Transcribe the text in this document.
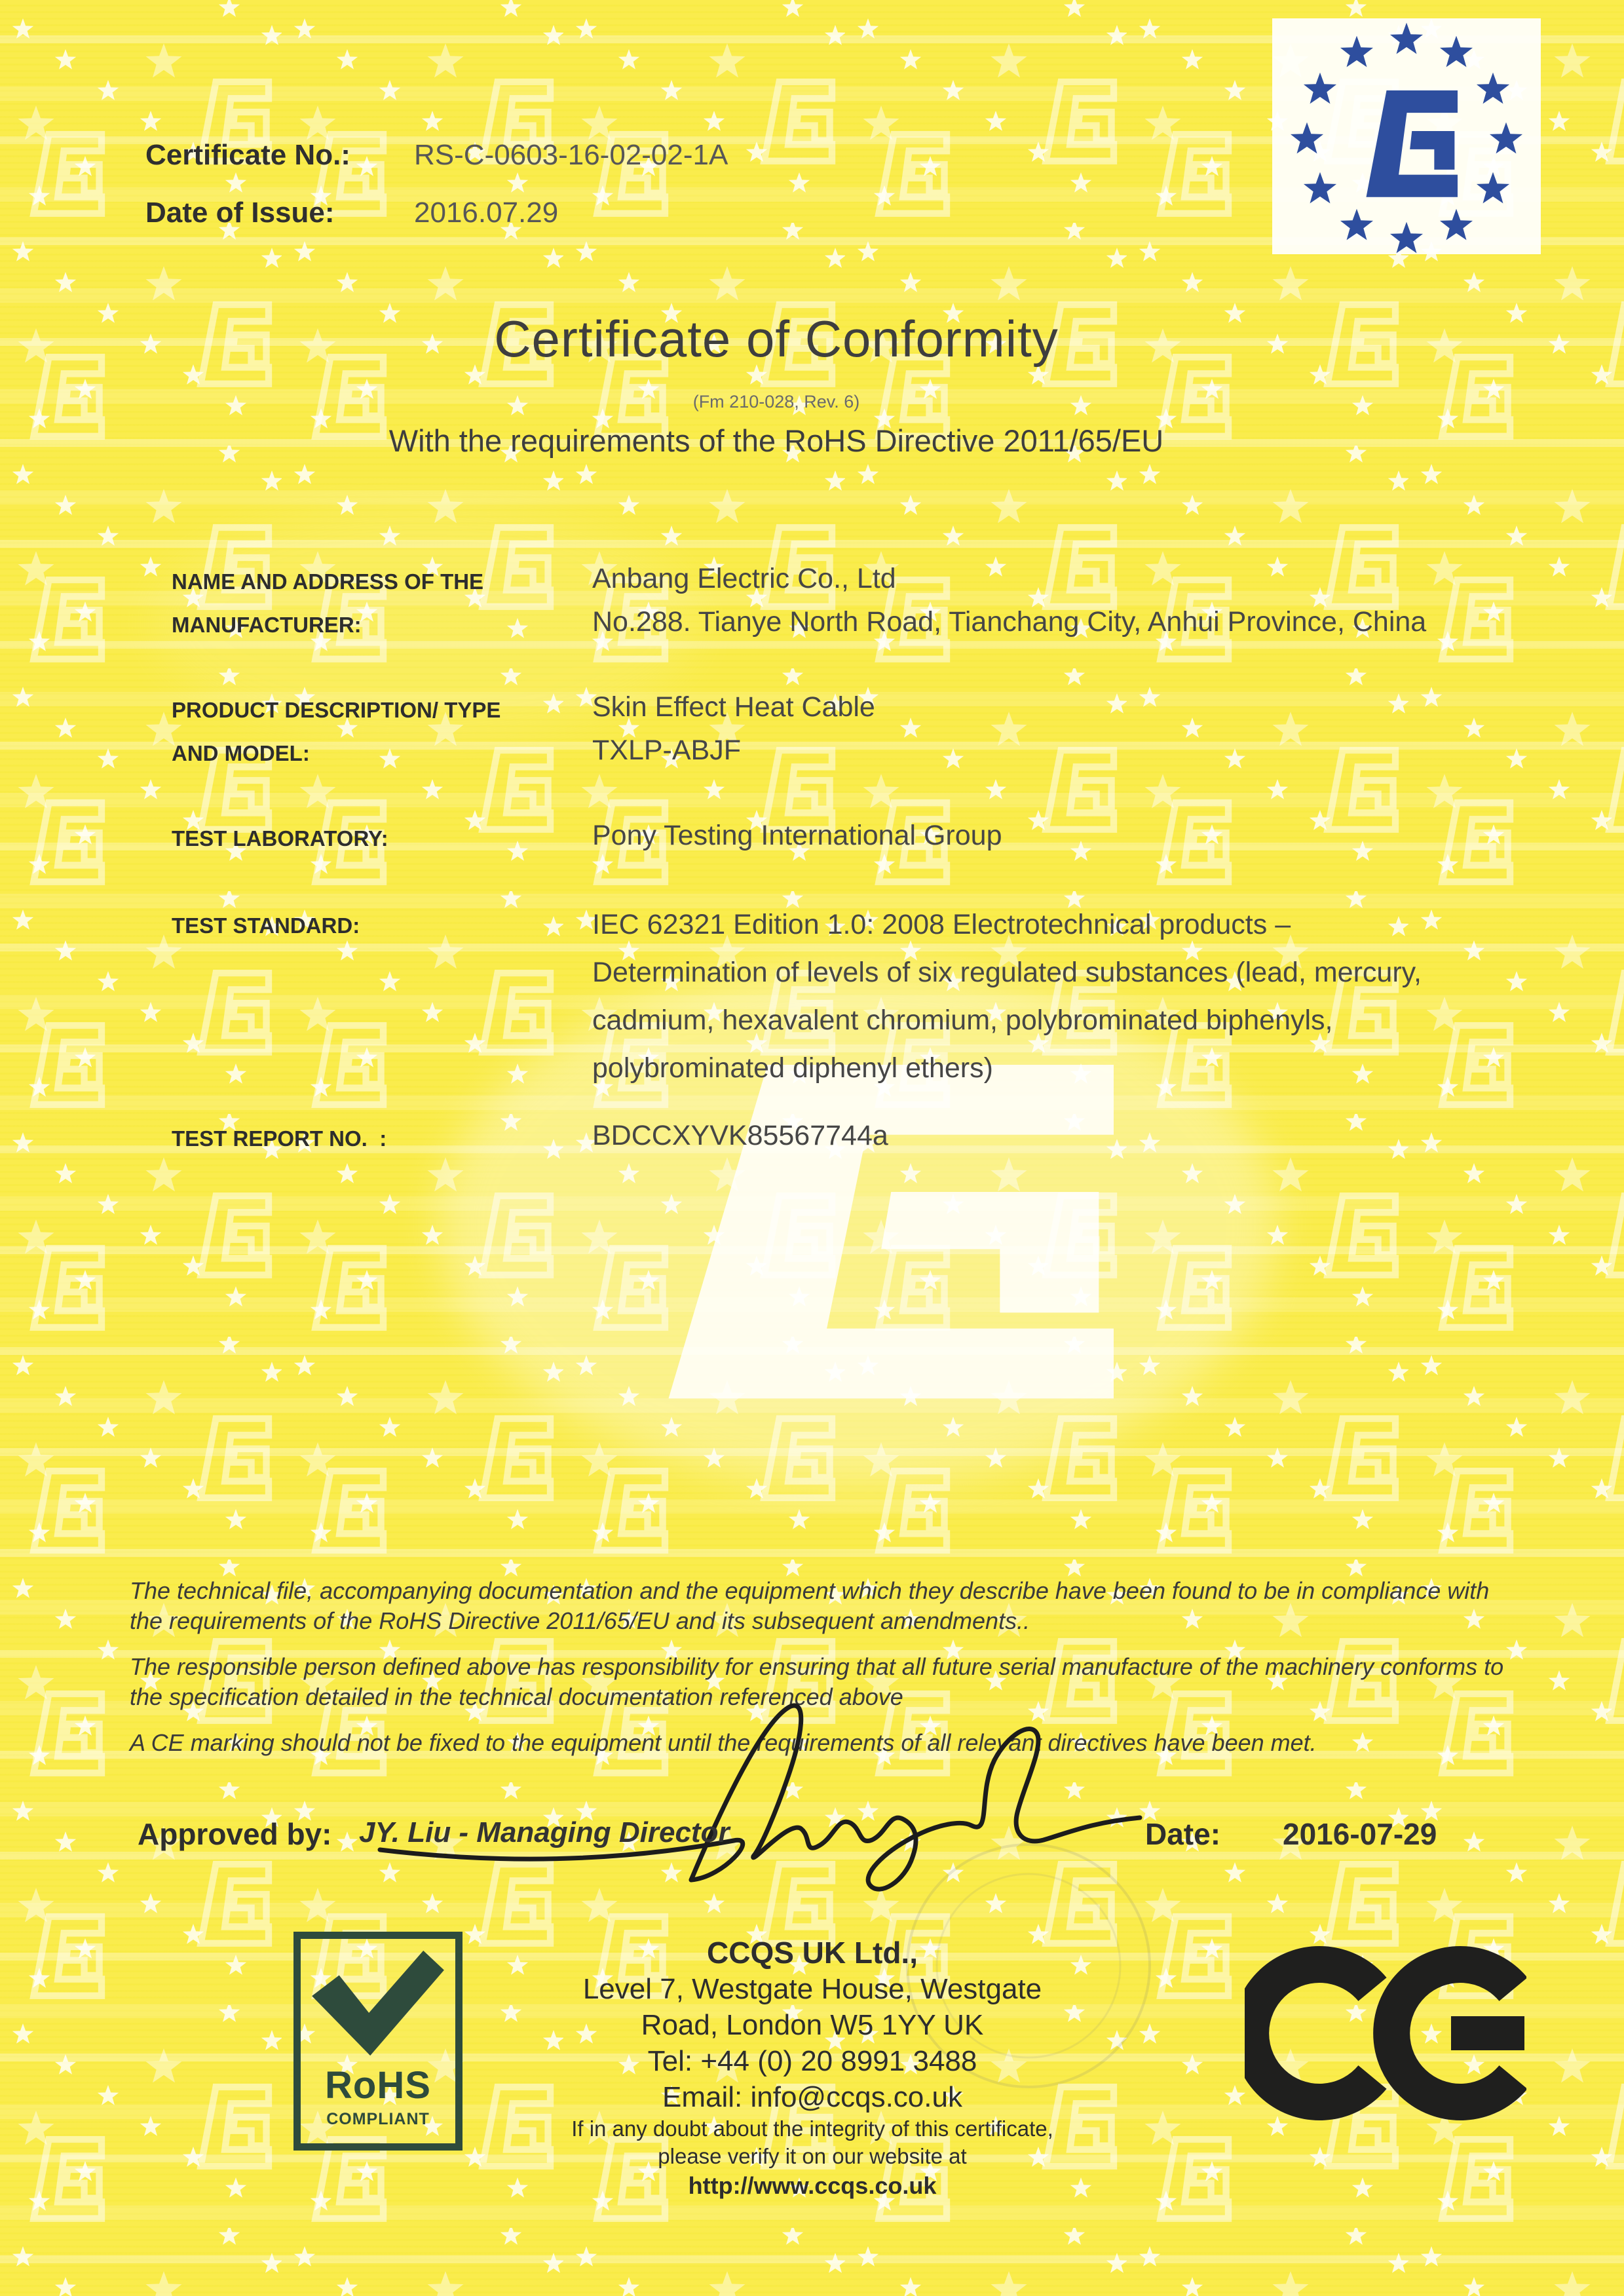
Certificate No.: RS-C-0603-16-02-02-1A
Date of Issue:	2016.07.29
Certificate of Conformity
(Fm 210-028, Rev. 6)
With the requirements of the RoHS Directive 2011/65/EU
NAME AND ADDRESS OF THE
MANUFACTURER:
Anbang Electric Co., Ltd
No.288. Tianye North Road, Tianchang City, Anhui Province, China
PRODUCT DESCRIPTION/ TYPE
AND MODEL:
Skin Effect Heat Cable
TXLP-ABJF
TEST LABORATORY:	Pony Testing International Group
TEST STANDARD:	IEC 62321 Edition 1.0: 2008 Electrotechnical products –
Determination of levels of six regulated substances (lead, mercury,
cadmium, hexavalent chromium, polybrominated biphenyls,
polybrominated diphenyl ethers)
TEST REPORT NO.  :	BDCCXYVK85567744a

The technical file, accompanying documentation and the equipment which they describe have been found to be in compliance with the requirements of the RoHS Directive 2011/65/EU and its subsequent amendments..

The responsible person defined above has responsibility for ensuring that all future serial manufacture of the machinery conforms to the specification detailed in the technical documentation referenced above

A CE marking should not be fixed to the equipment until the requirements of all relevant directives have been met.

Approved by: JY. Liu - Managing Director	Date: 2016-07-29
RoHS
COMPLIANT
CCQS UK Ltd.,
Level 7, Westgate House, Westgate
Road, London W5 1YY UK
Tel: +44 (0) 20 8991 3488
Email: info@ccqs.co.uk
If in any doubt about the integrity of this certificate,
please verify it on our website at
http://www.ccqs.co.uk
